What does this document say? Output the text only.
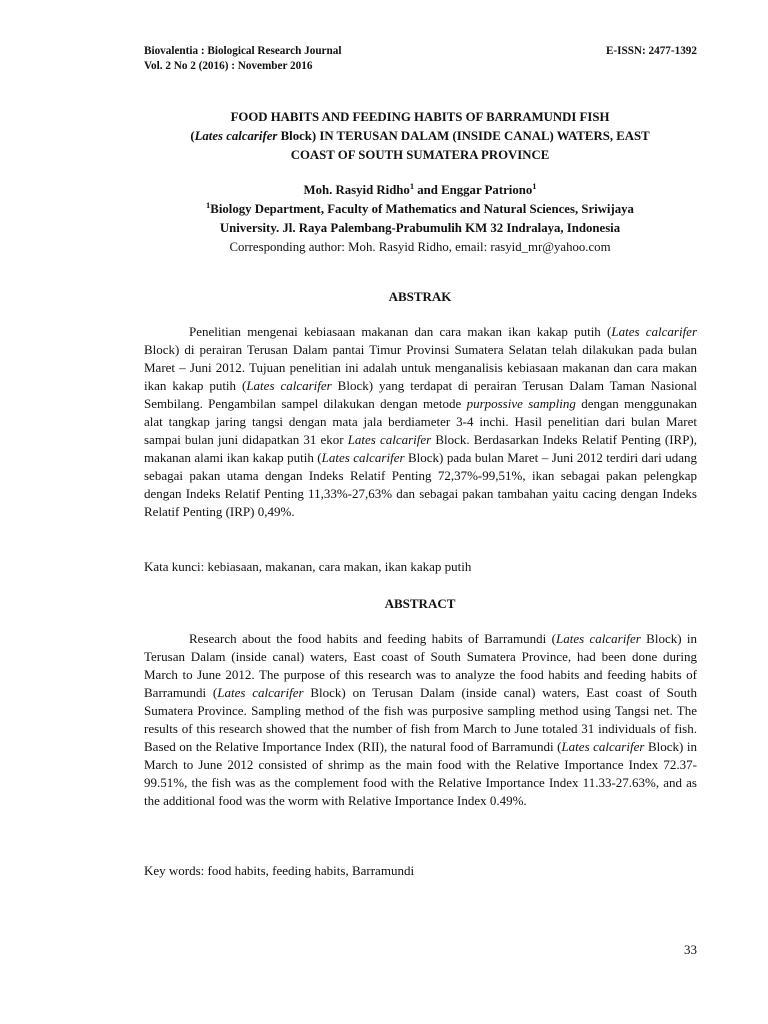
Biovalentia : Biological Research Journal
Vol. 2 No 2 (2016) : November 2016
E-ISSN: 2477-1392
FOOD HABITS AND FEEDING HABITS OF BARRAMUNDI FISH
(Lates calcarifer Block) IN TERUSAN DALAM (INSIDE CANAL) WATERS, EAST
COAST OF SOUTH SUMATERA PROVINCE
Moh. Rasyid Ridho$^1$ and Enggar Patriono$^1$
$^1$Biology Department, Faculty of Mathematics and Natural Sciences, Sriwijaya
University. Jl. Raya Palembang-Prabumulih KM 32 Indralaya, Indonesia
Corresponding author: Moh. Rasyid Ridho, email: rasyid_mr@yahoo.com
ABSTRAK

Penelitian mengenai kebiasaan makanan dan cara makan ikan kakap putih (Lates calcarifer Block) di perairan Terusan Dalam pantai Timur Provinsi Sumatera Selatan telah dilakukan pada bulan Maret – Juni 2012. Tujuan penelitian ini adalah untuk menganalisis kebiasaan makanan dan cara makan ikan kakap putih (Lates calcarifer Block) yang terdapat di perairan Terusan Dalam Taman Nasional Sembilang. Pengambilan sampel dilakukan dengan metode purpossive sampling dengan menggunakan alat tangkap jaring tangsi dengan mata jala berdiameter 3-4 inchi. Hasil penelitian dari bulan Maret sampai bulan juni didapatkan 31 ekor Lates calcarifer Block. Berdasarkan Indeks Relatif Penting (IRP), makanan alami ikan kakap putih (Lates calcarifer Block) pada bulan Maret – Juni 2012 terdiri dari udang sebagai pakan utama dengan Indeks Relatif Penting 72,37%-99,51%, ikan sebagai pakan pelengkap dengan Indeks Relatif Penting 11,33%-27,63% dan sebagai pakan tambahan yaitu cacing dengan Indeks Relatif Penting (IRP) 0,49%.

Kata kunci: kebiasaan, makanan, cara makan, ikan kakap putih

ABSTRACT

Research about the food habits and feeding habits of Barramundi (Lates calcarifer Block) in Terusan Dalam (inside canal) waters, East coast of South Sumatera Province, had been done during March to June 2012. The purpose of this research was to analyze the food habits and feeding habits of Barramundi (Lates calcarifer Block) on Terusan Dalam (inside canal) waters, East coast of South Sumatera Province. Sampling method of the fish was purposive sampling method using Tangsi net. The results of this research showed that the number of fish from March to June totaled 31 individuals of fish. Based on the Relative Importance Index (RII), the natural food of Barramundi (Lates calcarifer Block) in March to June 2012 consisted of shrimp as the main food with the Relative Importance Index 72.37-99.51%, the fish was as the complement food with the Relative Importance Index 11.33-27.63%, and as the additional food was the worm with Relative Importance Index 0.49%.

Key words: food habits, feeding habits, Barramundi

33
